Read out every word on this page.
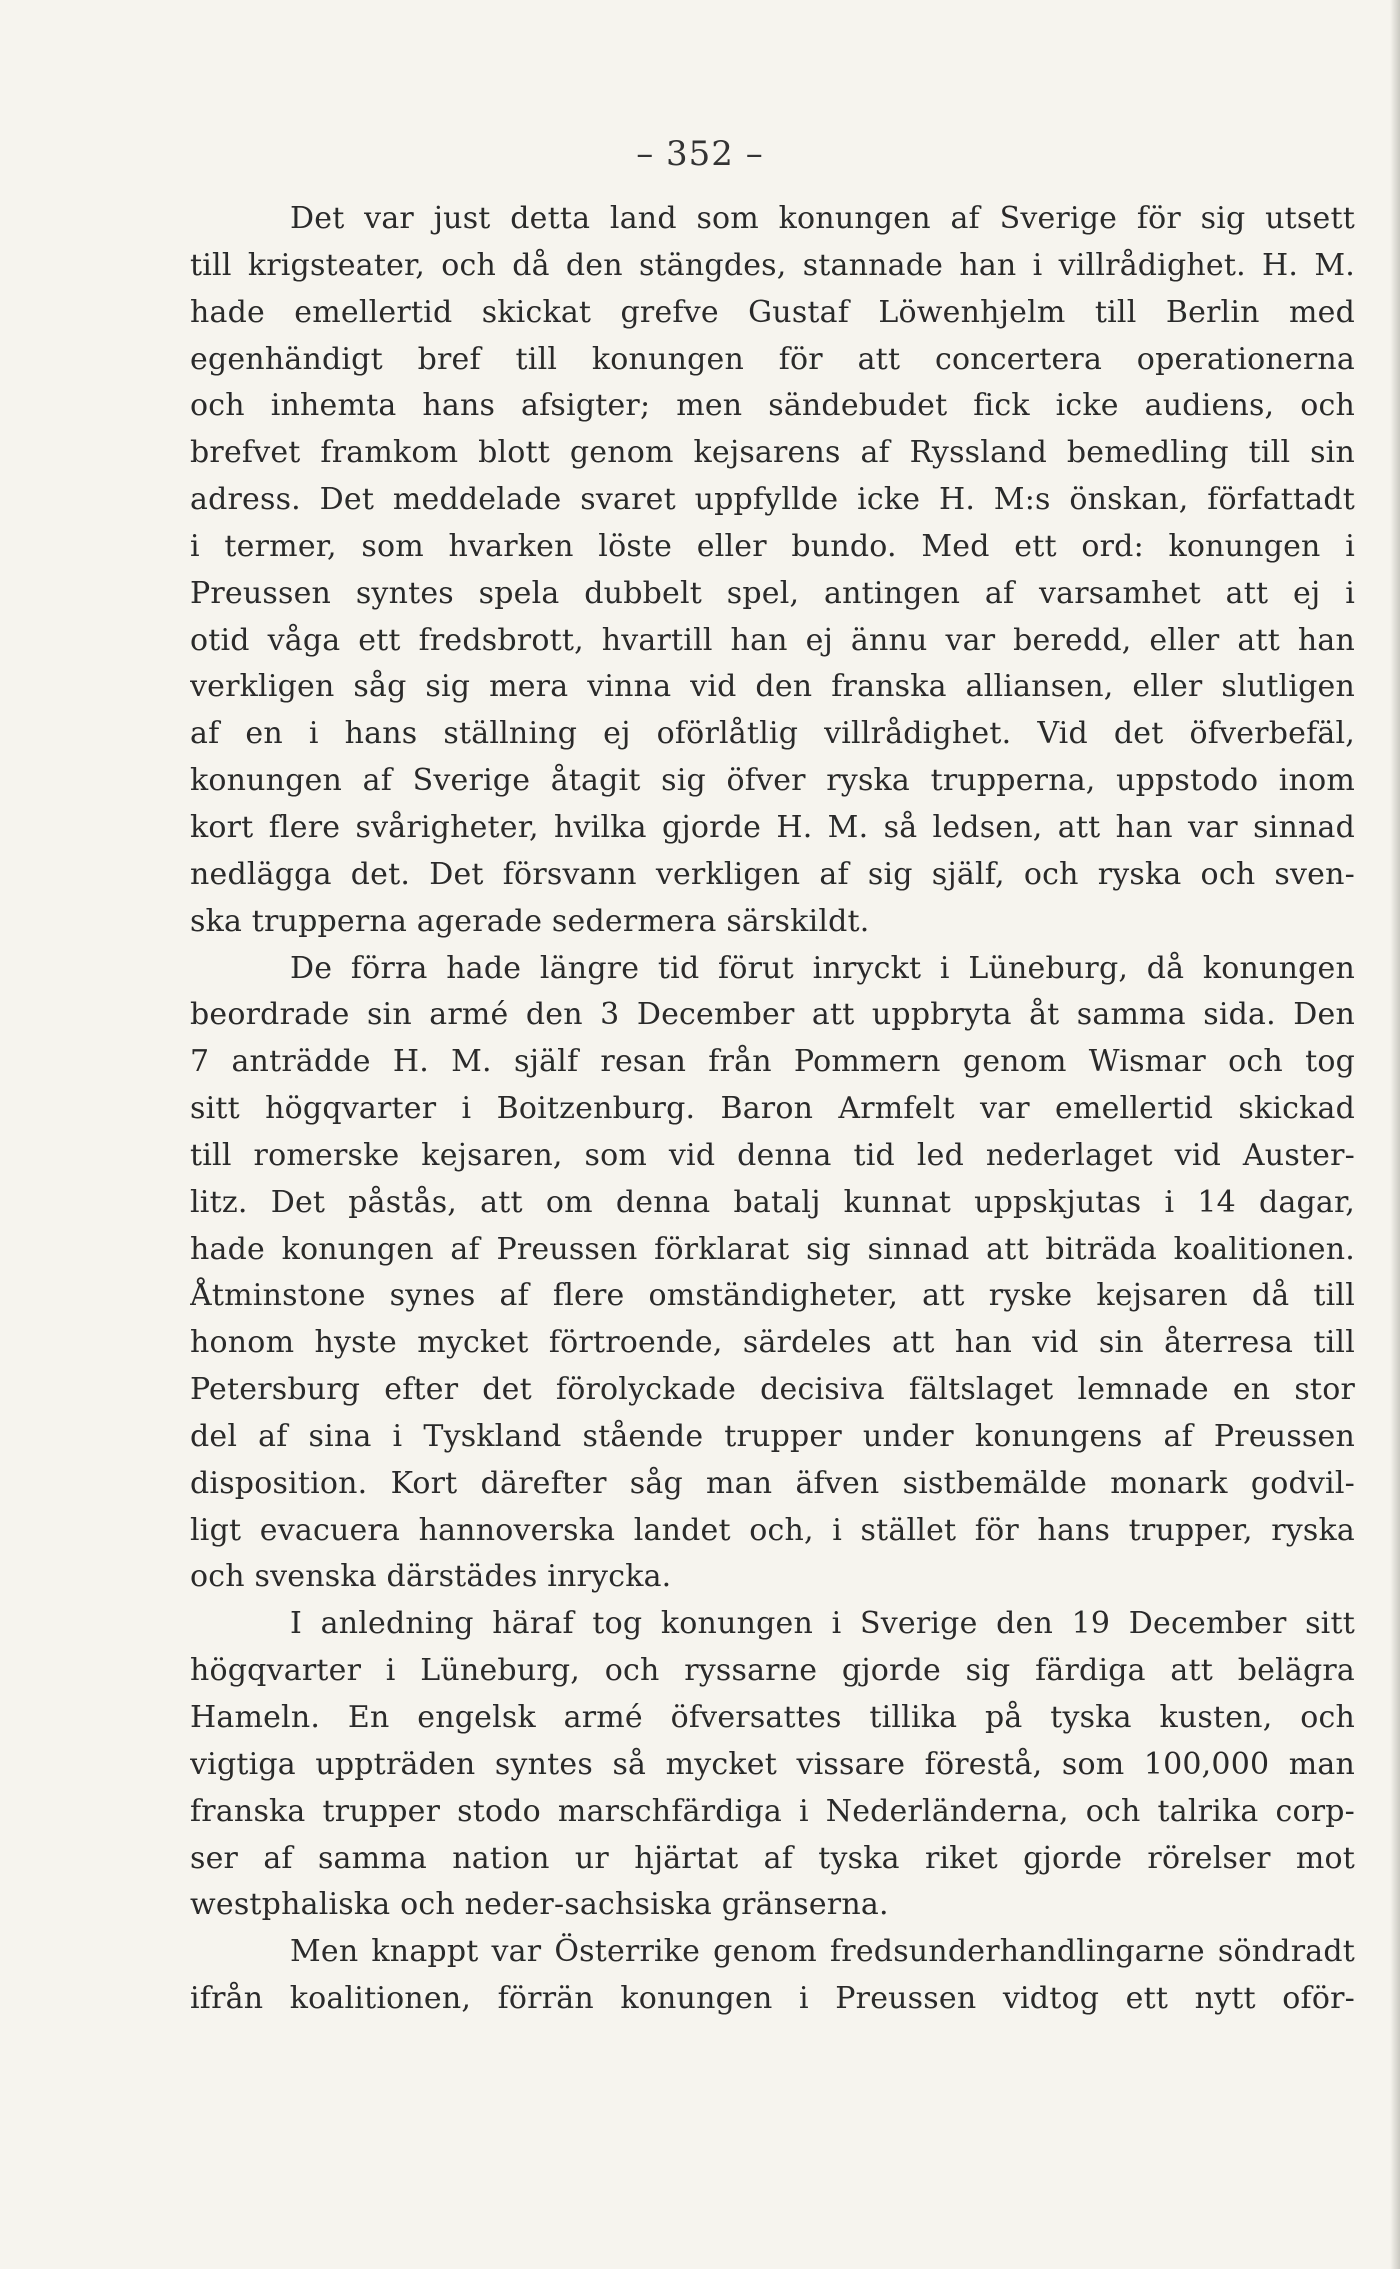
– 352 –
Det var just detta land som konungen af Sverige för sig utsett
till krigsteater, och då den stängdes, stannade han i villrådighet. H. M.
hade emellertid skickat grefve Gustaf Löwenhjelm till Berlin med
egenhändigt bref till konungen för att concertera operationerna
och inhemta hans afsigter; men sändebudet fick icke audiens, och
brefvet framkom blott genom kejsarens af Ryssland bemedling till sin
adress. Det meddelade svaret uppfyllde icke H. M:s önskan, författadt
i termer, som hvarken löste eller bundo. Med ett ord: konungen i
Preussen syntes spela dubbelt spel, antingen af varsamhet att ej i
otid våga ett fredsbrott, hvartill han ej ännu var beredd, eller att han
verkligen såg sig mera vinna vid den franska alliansen, eller slutligen
af en i hans ställning ej oförlåtlig villrådighet. Vid det öfverbefäl,
konungen af Sverige åtagit sig öfver ryska trupperna, uppstodo inom
kort flere svårigheter, hvilka gjorde H. M. så ledsen, att han var sinnad
nedlägga det. Det försvann verkligen af sig själf, och ryska och sven-
ska trupperna agerade sedermera särskildt.
De förra hade längre tid förut inryckt i Lüneburg, då konungen
beordrade sin armé den 3 December att uppbryta åt samma sida. Den
7 anträdde H. M. själf resan från Pommern genom Wismar och tog
sitt högqvarter i Boitzenburg. Baron Armfelt var emellertid skickad
till romerske kejsaren, som vid denna tid led nederlaget vid Auster-
litz. Det påstås, att om denna batalj kunnat uppskjutas i 14 dagar,
hade konungen af Preussen förklarat sig sinnad att biträda koalitionen.
Åtminstone synes af flere omständigheter, att ryske kejsaren då till
honom hyste mycket förtroende, särdeles att han vid sin återresa till
Petersburg efter det förolyckade decisiva fältslaget lemnade en stor
del af sina i Tyskland stående trupper under konungens af Preussen
disposition. Kort därefter såg man äfven sistbemälde monark godvil-
ligt evacuera hannoverska landet och, i stället för hans trupper, ryska
och svenska därstädes inrycka.
I anledning häraf tog konungen i Sverige den 19 December sitt
högqvarter i Lüneburg, och ryssarne gjorde sig färdiga att belägra
Hameln. En engelsk armé öfversattes tillika på tyska kusten, och
vigtiga uppträden syntes så mycket vissare förestå, som 100,000 man
franska trupper stodo marschfärdiga i Nederländerna, och talrika corp-
ser af samma nation ur hjärtat af tyska riket gjorde rörelser mot
westphaliska och neder-sachsiska gränserna.
Men knappt var Österrike genom fredsunderhandlingarne söndradt
ifrån koalitionen, förrän konungen i Preussen vidtog ett nytt oför-
